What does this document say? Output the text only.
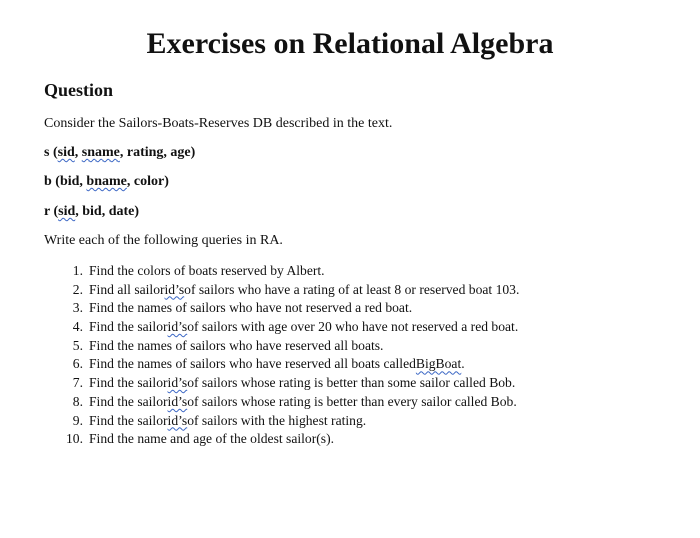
Exercises on Relational Algebra
Question

Consider the Sailors-Boats-Reserves DB described in the text.

s (sid, sname, rating, age)

b (bid, bname, color)

r (sid, bid, date)

Write each of the following queries in RA.

1. Find the colors of boats reserved by Albert.
2. Find all sailor id’s of sailors who have a rating of at least 8 or reserved boat 103.
3. Find the names of sailors who have not reserved a red boat.
4. Find the sailor id’s of sailors with age over 20 who have not reserved a red boat.
5. Find the names of sailors who have reserved all boats.
6. Find the names of sailors who have reserved all boats called BigBoat .
7. Find the sailor id’s of sailors whose rating is better than some sailor called Bob.
8. Find the sailor id’s of sailors whose rating is better than every sailor called Bob.
9. Find the sailor id’s of sailors with the highest rating.
10. Find the name and age of the oldest sailor(s).
